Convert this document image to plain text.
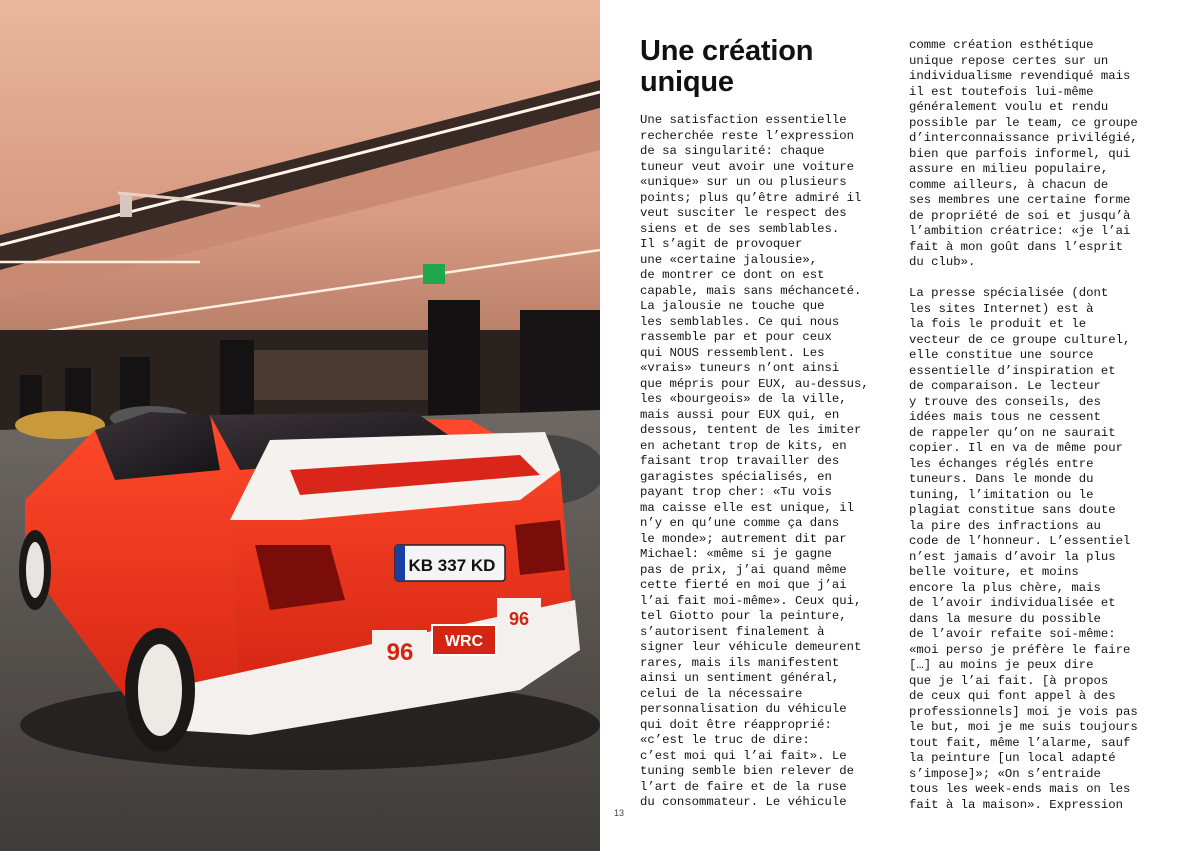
KB 337 KD
96 WRC
96
13
Une création
unique
Une satisfaction essentielle
recherchée reste l’expression
de sa singularité: chaque
tuneur veut avoir une voiture
«unique» sur un ou plusieurs
points; plus qu’être admiré il
veut susciter le respect des
siens et de ses semblables.
Il s’agit de provoquer
une «certaine jalousie»,
de montrer ce dont on est
capable, mais sans méchanceté.
La jalousie ne touche que
les semblables. Ce qui nous
rassemble par et pour ceux
qui NOUS ressemblent. Les
«vrais» tuneurs n’ont ainsi
que mépris pour EUX, au-dessus,
les «bourgeois» de la ville,
mais aussi pour EUX qui, en
dessous, tentent de les imiter
en achetant trop de kits, en
faisant trop travailler des
garagistes spécialisés, en
payant trop cher: «Tu vois
ma caisse elle est unique, il
n’y en qu’une comme ça dans
le monde»; autrement dit par
Michael: «même si je gagne
pas de prix, j’ai quand même
cette fierté en moi que j’ai
l’ai fait moi-même». Ceux qui,
tel Giotto pour la peinture,
s’autorisent finalement à
signer leur véhicule demeurent
rares, mais ils manifestent
ainsi un sentiment général,
celui de la nécessaire
personnalisation du véhicule
qui doit être réapproprié:
«c’est le truc de dire:
c’est moi qui l’ai fait». Le
tuning semble bien relever de
l’art de faire et de la ruse
du consommateur. Le véhicule
comme création esthétique
unique repose certes sur un
individualisme revendiqué mais
il est toutefois lui-même
généralement voulu et rendu
possible par le team, ce groupe
d’interconnaissance privilégié,
bien que parfois informel, qui
assure en milieu populaire,
comme ailleurs, à chacun de
ses membres une certaine forme
de propriété de soi et jusqu’à
l’ambition créatrice: «je l’ai
fait à mon goût dans l’esprit
du club».
La presse spécialisée (dont
les sites Internet) est à
la fois le produit et le
vecteur de ce groupe culturel,
elle constitue une source
essentielle d’inspiration et
de comparaison. Le lecteur
y trouve des conseils, des
idées mais tous ne cessent
de rappeler qu’on ne saurait
copier. Il en va de même pour
les échanges réglés entre
tuneurs. Dans le monde du
tuning, l’imitation ou le
plagiat constitue sans doute
la pire des infractions au
code de l’honneur. L’essentiel
n’est jamais d’avoir la plus
belle voiture, et moins
encore la plus chère, mais
de l’avoir individualisée et
dans la mesure du possible
de l’avoir refaite soi-même:
«moi perso je préfère le faire
[…] au moins je peux dire
que je l’ai fait. [à propos
de ceux qui font appel à des
professionnels] moi je vois pas
le but, moi je me suis toujours
tout fait, même l’alarme, sauf
la peinture [un local adapté
s’impose]»; «On s’entraide
tous les week-ends mais on les
fait à la maison». Expression
